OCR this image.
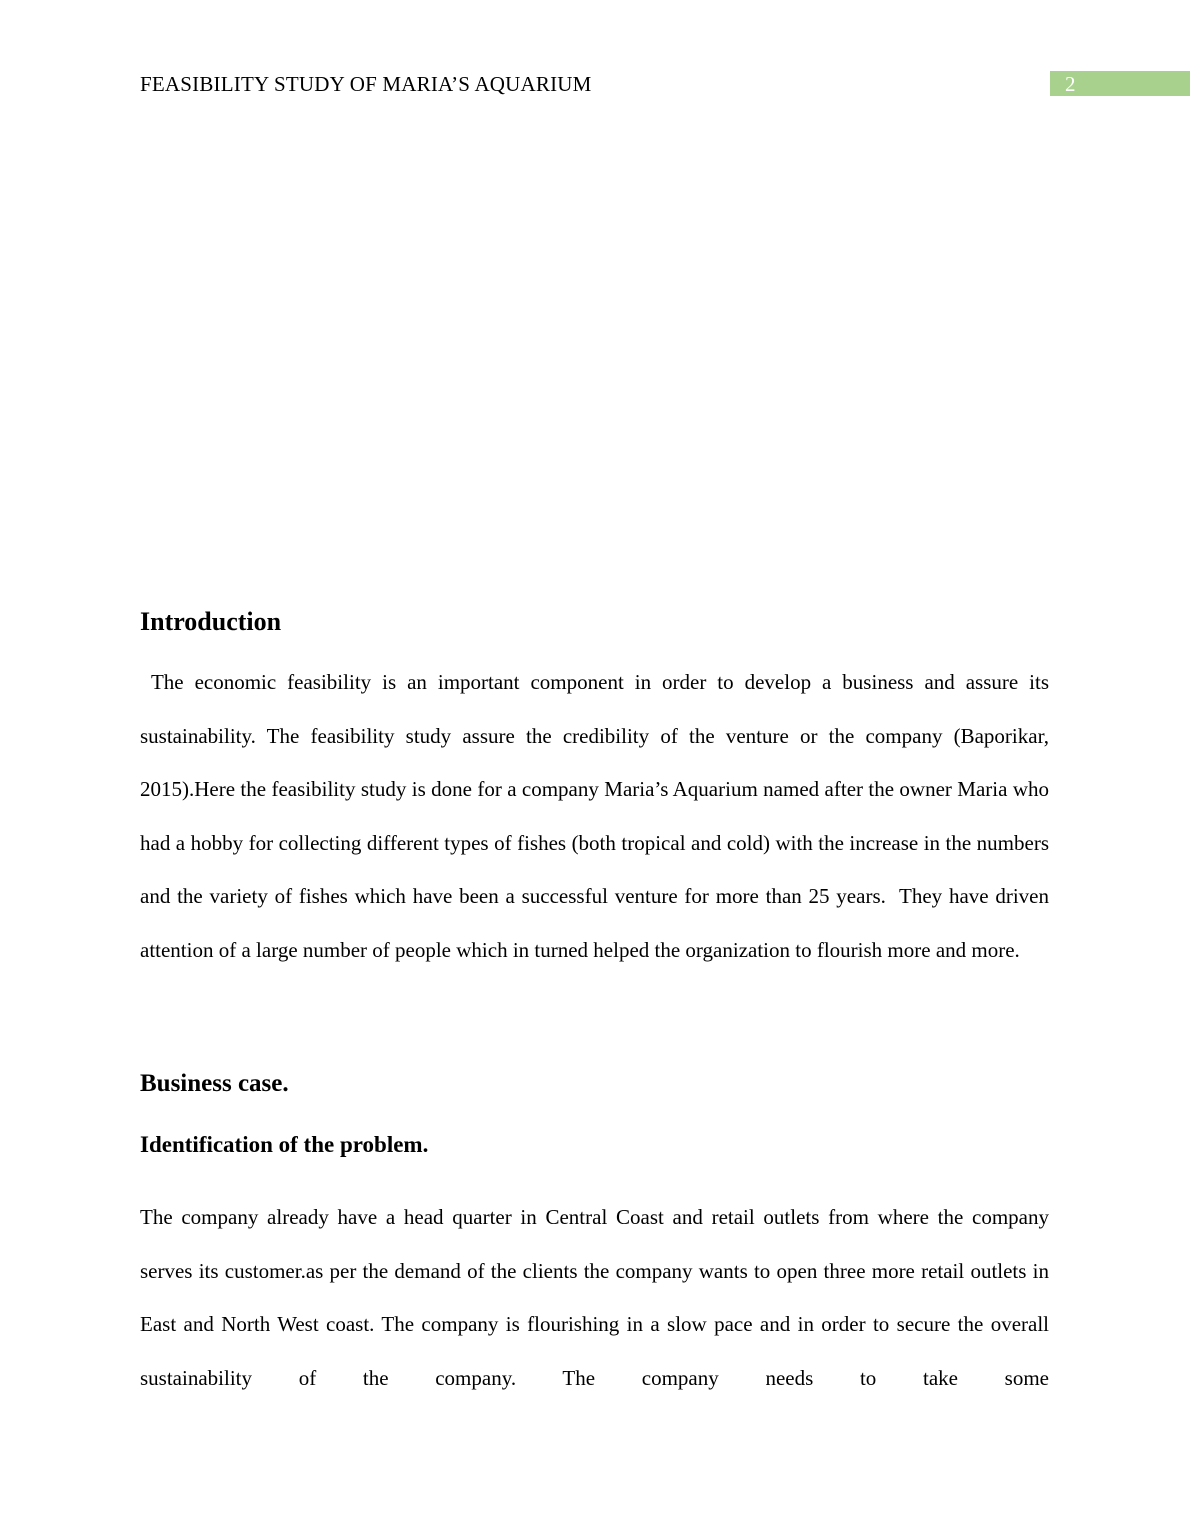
FEASIBILITY STUDY OF MARIA’S AQUARIUM	2
Introduction

The economic feasibility is an important component in order to develop a business and assure its sustainability. The feasibility study assure the credibility of the venture or the company (Baporikar, 2015).Here the feasibility study is done for a company Maria’s Aquarium named after the owner Maria who had a hobby for collecting different types of fishes (both tropical and cold) with the increase in the numbers and the variety of fishes which have been a successful venture for more than 25 years.  They have driven attention of a large number of people which in turned helped the organization to flourish more and more.

Business case.
Identification of the problem.

The company already have a head quarter in Central Coast and retail outlets from where the company serves its customer.as per the demand of the clients the company wants to open three more retail outlets in East and North West coast. The company is flourishing in a slow pace and in order to secure the overall sustainability of the company. The company needs to take some
